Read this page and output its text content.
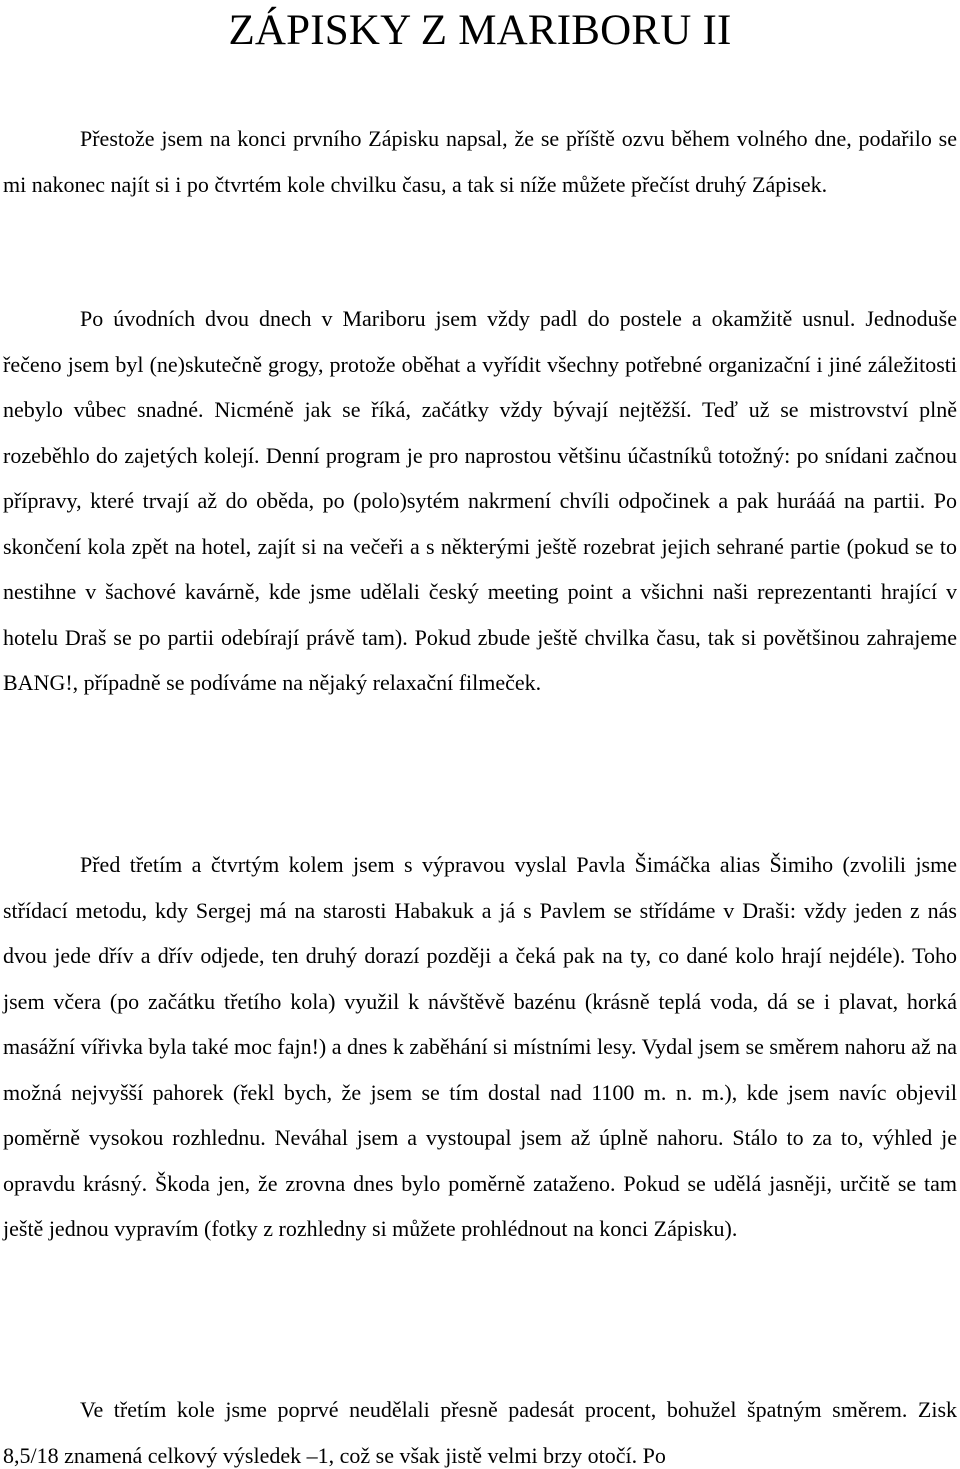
ZÁPISKY Z MARIBORU II

Přestože jsem na konci prvního Zápisku napsal, že se příště ozvu během volného dne, podařilo se mi nakonec najít si i po čtvrtém kole chvilku času, a tak si níže můžete přečíst druhý Zápisek.

Po úvodních dvou dnech v Mariboru jsem vždy padl do postele a okamžitě usnul. Jednoduše řečeno jsem byl (ne)skutečně grogy, protože oběhat a vyřídit všechny potřebné organizační i jiné záležitosti nebylo vůbec snadné. Nicméně jak se říká, začátky vždy bývají nejtěžší. Teď už se mistrovství plně rozeběhlo do zajetých kolejí. Denní program je pro naprostou většinu účastníků totožný: po snídani začnou přípravy, které trvají až do oběda, po (polo)sytém nakrmení chvíli odpočinek a pak hurááá na partii. Po skončení kola zpět na hotel, zajít si na večeři a s některými ještě rozebrat jejich sehrané partie (pokud se to nestihne v šachové kavárně, kde jsme udělali český meeting point a všichni naši reprezentanti hrající v hotelu Draš se po partii odebírají právě tam). Pokud zbude ještě chvilka času, tak si povětšinou zahrajeme BANG!, případně se podíváme na nějaký relaxační filmeček.

Před třetím a čtvrtým kolem jsem s výpravou vyslal Pavla Šimáčka alias Šimiho (zvolili jsme střídací metodu, kdy Sergej má na starosti Habakuk a já s Pavlem se střídáme v Draši: vždy jeden z nás dvou jede dřív a dřív odjede, ten druhý dorazí později a čeká pak na ty, co dané kolo hrají nejdéle). Toho jsem včera (po začátku třetího kola) využil k návštěvě bazénu (krásně teplá voda, dá se i plavat, horká masážní vířivka byla také moc fajn!) a dnes k zaběhání si místními lesy. Vydal jsem se směrem nahoru až na možná nejvyšší pahorek (řekl bych, že jsem se tím dostal nad 1100 m. n. m.), kde jsem navíc objevil poměrně vysokou rozhlednu. Neváhal jsem a vystoupal jsem až úplně nahoru. Stálo to za to, výhled je opravdu krásný. Škoda jen, že zrovna dnes bylo poměrně zataženo. Pokud se udělá jasněji, určitě se tam ještě jednou vypravím (fotky z rozhledny si můžete prohlédnout na konci Zápisku).

Ve třetím kole jsme poprvé neudělali přesně padesát procent, bohužel špatným směrem. Zisk 8,5/18 znamená celkový výsledek –1, což se však jistě velmi brzy otočí. Po
